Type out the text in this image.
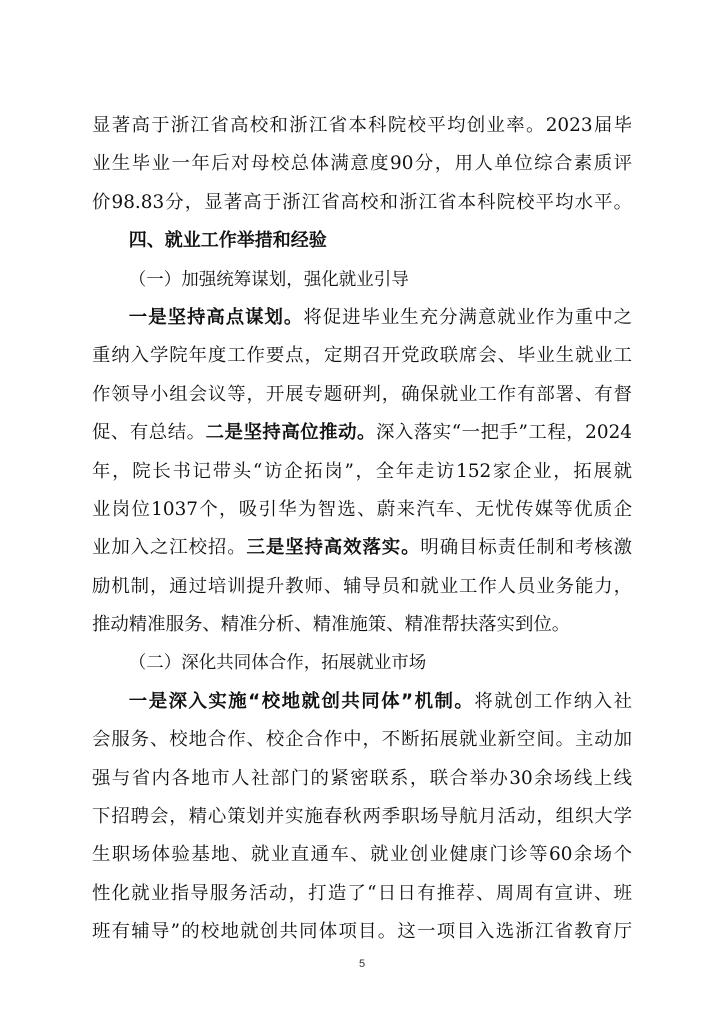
显著高于浙江省高校和浙江省本科院校平均创业率。2023届毕
业生毕业一年后对母校总体满意度90分，用人单位综合素质评
价98.83分，显著高于浙江省高校和浙江省本科院校平均水平。
四、就业工作举措和经验
（一）加强统筹谋划，强化就业引导
一是坚持高点谋划。将促进毕业生充分满意就业作为重中之
重纳入学院年度工作要点，定期召开党政联席会、毕业生就业工
作领导小组会议等，开展专题研判，确保就业工作有部署、有督
促、有总结。二是坚持高位推动。深入落实“一把手”工程，2024
年，院长书记带头“访企拓岗”，全年走访152家企业，拓展就
业岗位1037个，吸引华为智选、蔚来汽车、无忧传媒等优质企
业加入之江校招。三是坚持高效落实。明确目标责任制和考核激
励机制，通过培训提升教师、辅导员和就业工作人员业务能力，
推动精准服务、精准分析、精准施策、精准帮扶落实到位。
（二）深化共同体合作，拓展就业市场
一是深入实施“校地就创共同体”机制。将就创工作纳入社
会服务、校地合作、校企合作中，不断拓展就业新空间。主动加
强与省内各地市人社部门的紧密联系，联合举办30余场线上线
下招聘会，精心策划并实施春秋两季职场导航月活动，组织大学
生职场体验基地、就业直通车、就业创业健康门诊等60余场个
性化就业指导服务活动，打造了“日日有推荐、周周有宣讲、班
班有辅导”的校地就创共同体项目。这一项目入选浙江省教育厅
5
